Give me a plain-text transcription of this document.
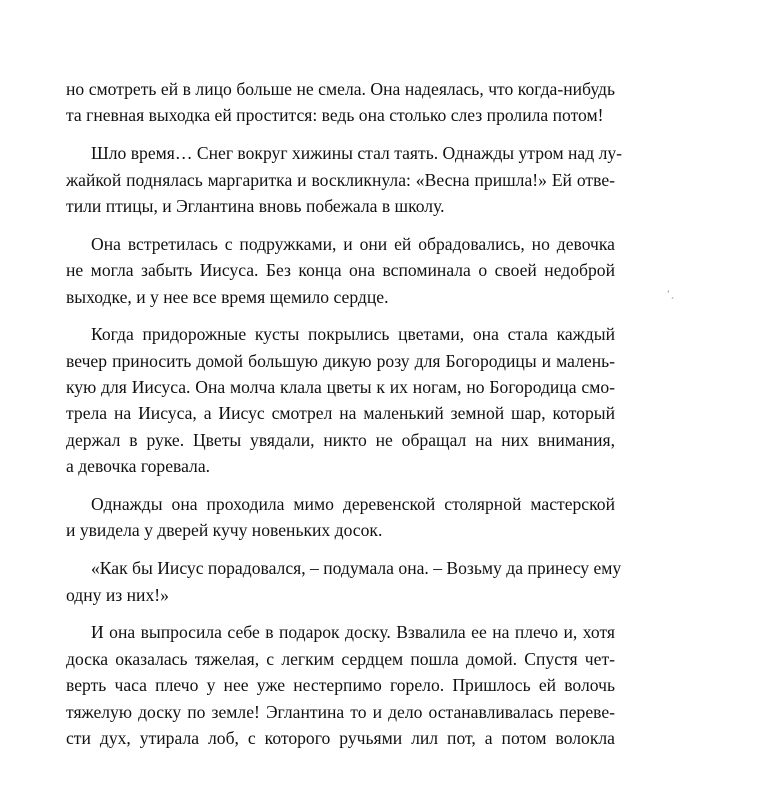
но смотреть ей в лицо больше не смела. Она надеялась, что когда-нибудь
та гневная выходка ей простится: ведь она столько слез пролила потом!
Шло время… Снег вокруг хижины стал таять. Однажды утром над лу-
жайкой поднялась маргаритка и воскликнула: «Весна пришла!» Ей отве-
тили птицы, и Эглантина вновь побежала в школу.
Она встретилась с подружками, и они ей обрадовались, но девочка
не могла забыть Иисуса. Без конца она вспоминала о своей недоброй
выходке, и у нее все время щемило сердце.
Когда придорожные кусты покрылись цветами, она стала каждый
вечер приносить домой большую дикую розу для Богородицы и малень-
кую для Иисуса. Она молча клала цветы к их ногам, но Богородица смо-
трела на Иисуса, а Иисус смотрел на маленький земной шар, который
держал в руке. Цветы увядали, никто не обращал на них внимания,
а девочка горевала.
Однажды она проходила мимо деревенской столярной мастерской
и увидела у дверей кучу новеньких досок.
«Как бы Иисус порадовался, – подумала она. – Возьму да принесу ему
одну из них!»
И она выпросила себе в подарок доску. Взвалила ее на плечо и, хотя
доска оказалась тяжелая, с легким сердцем пошла домой. Спустя чет-
верть часа плечо у нее уже нестерпимо горело. Пришлось ей волочь
тяжелую доску по земле! Эглантина то и дело останавливалась переве-
сти дух, утирала лоб, с которого ручьями лил пот, а потом волокла
ʻˏ
